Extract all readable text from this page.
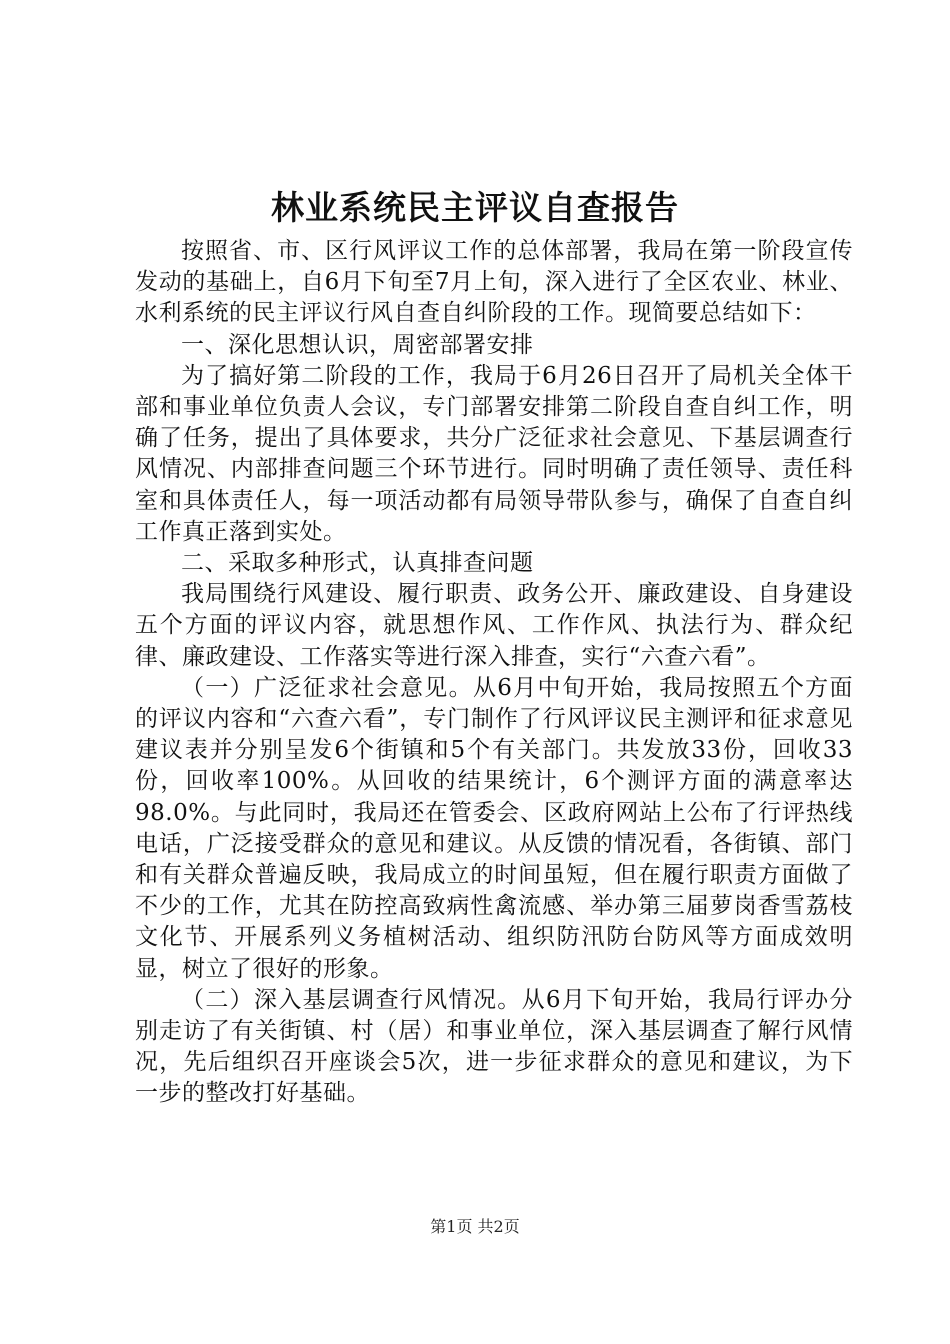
林业系统民主评议自查报告

按照省、市、区行风评议工作的总体部署，我局在第一阶段宣传发动的基础上，自6月下旬至7月上旬，深入进行了全区农业、林业、水利系统的民主评议行风自查自纠阶段的工作。现简要总结如下：

一、深化思想认识，周密部署安排

为了搞好第二阶段的工作，我局于6月26日召开了局机关全体干部和事业单位负责人会议，专门部署安排第二阶段自查自纠工作，明确了任务，提出了具体要求，共分广泛征求社会意见、下基层调查行风情况、内部排查问题三个环节进行。同时明确了责任领导、责任科室和具体责任人，每一项活动都有局领导带队参与，确保了自查自纠工作真正落到实处。

二、采取多种形式，认真排查问题

我局围绕行风建设、履行职责、政务公开、廉政建设、自身建设五个方面的评议内容，就思想作风、工作作风、执法行为、群众纪律、廉政建设、工作落实等进行深入排查，实行“六查六看”。

（一）广泛征求社会意见。从6月中旬开始，我局按照五个方面的评议内容和“六查六看”，专门制作了行风评议民主测评和征求意见建议表并分别呈发6个街镇和5个有关部门。共发放33份，回收33份，回收率100%。从回收的结果统计，6个测评方面的满意率达98.0%。与此同时，我局还在管委会、区政府网站上公布了行评热线电话，广泛接受群众的意见和建议。从反馈的情况看，各街镇、部门和有关群众普遍反映，我局成立的时间虽短，但在履行职责方面做了不少的工作，尤其在防控高致病性禽流感、举办第三届萝岗香雪荔枝文化节、开展系列义务植树活动、组织防汛防台防风等方面成效明显，树立了很好的形象。

（二）深入基层调查行风情况。从6月下旬开始，我局行评办分别走访了有关街镇、村（居）和事业单位，深入基层调查了解行风情况，先后组织召开座谈会5次，进一步征求群众的意见和建议，为下一步的整改打好基础。

第1页 共2页
